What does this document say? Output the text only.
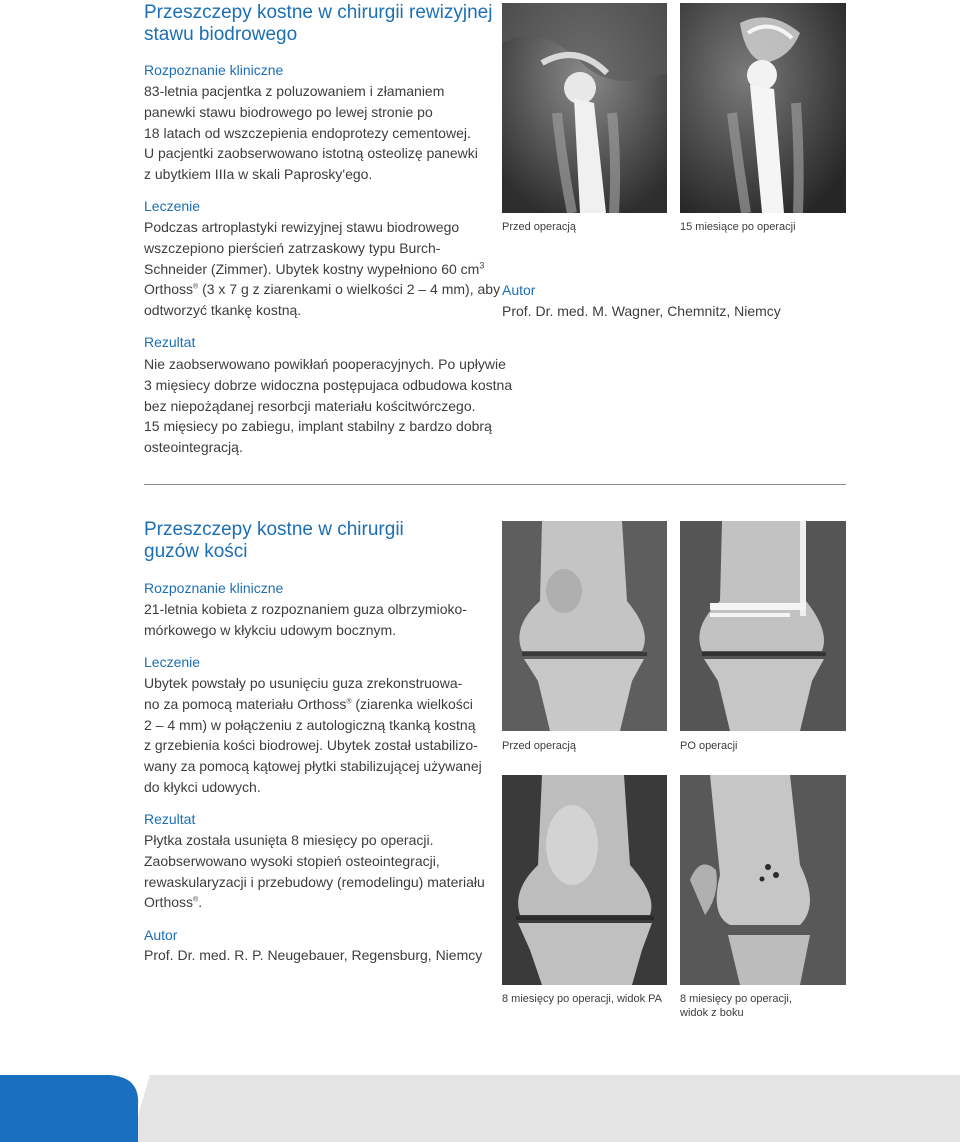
Przeszczepy kostne w chirurgii rewizyjnej
stawu biodrowego
Rozpoznanie kliniczne
83-letnia pacjentka z poluzowaniem i złamaniem
panewki stawu biodrowego po lewej stronie po
18 latach od wszczepienia endoprotezy cementowej.
U pacjentki zaobserwowano istotną osteolizę panewki
z ubytkiem IIIa w skali Paprosky'ego.
Leczenie
Podczas artroplastyki rewizyjnej stawu biodrowego
wszczepiono pierścień zatrzaskowy typu Burch-
Schneider (Zimmer). Ubytek kostny wypełniono 60 $cm^3$
Orthoss® (3 x 7 g z ziarenkami o wielkości 2 – 4 mm), aby
odtworzyć tkankę kostną.
Rezultat
Nie zaobserwowano powikłań pooperacyjnych. Po upływie
3 mięsiecy dobrze widoczna postępujaca odbudowa kostna
bez niepożądanej resorbcji materiału kościtwórczego.
15 mięsiecy po zabiegu, implant stabilny z bardzo dobrą
osteointegracją.
Przed operacją	15 miesiące po operacji
Autor
Prof. Dr. med. M. Wagner, Chemnitz, Niemcy
Przeszczepy kostne w chirurgii
guzów kości
Rozpoznanie kliniczne
21-letnia kobieta z rozpoznaniem guza olbrzymioko-
mórkowego w kłykciu udowym bocznym.
Leczenie
Ubytek powstały po usunięciu guza zrekonstruowa-
no za pomocą materiału Orthoss® (ziarenka wielkości
2 – 4 mm) w połączeniu z autologiczną tkanką kostną
z grzebienia kości biodrowej. Ubytek został ustabilizo-
wany za pomocą kątowej płytki stabilizującej używanej
do kłykci udowych.
Rezultat
Płytka została usunięta 8 miesięcy po operacji.
Zaobserwowano wysoki stopień osteointegracji,
rewaskularyzacji i przebudowy (remodelingu) materiału
Orthoss®.
Autor
Prof. Dr. med. R. P. Neugebauer, Regensburg, Niemcy
Przed operacją	PO operacji
8 miesięcy po operacji, widok PA 8 miesięcy po operacji,
widok z boku
